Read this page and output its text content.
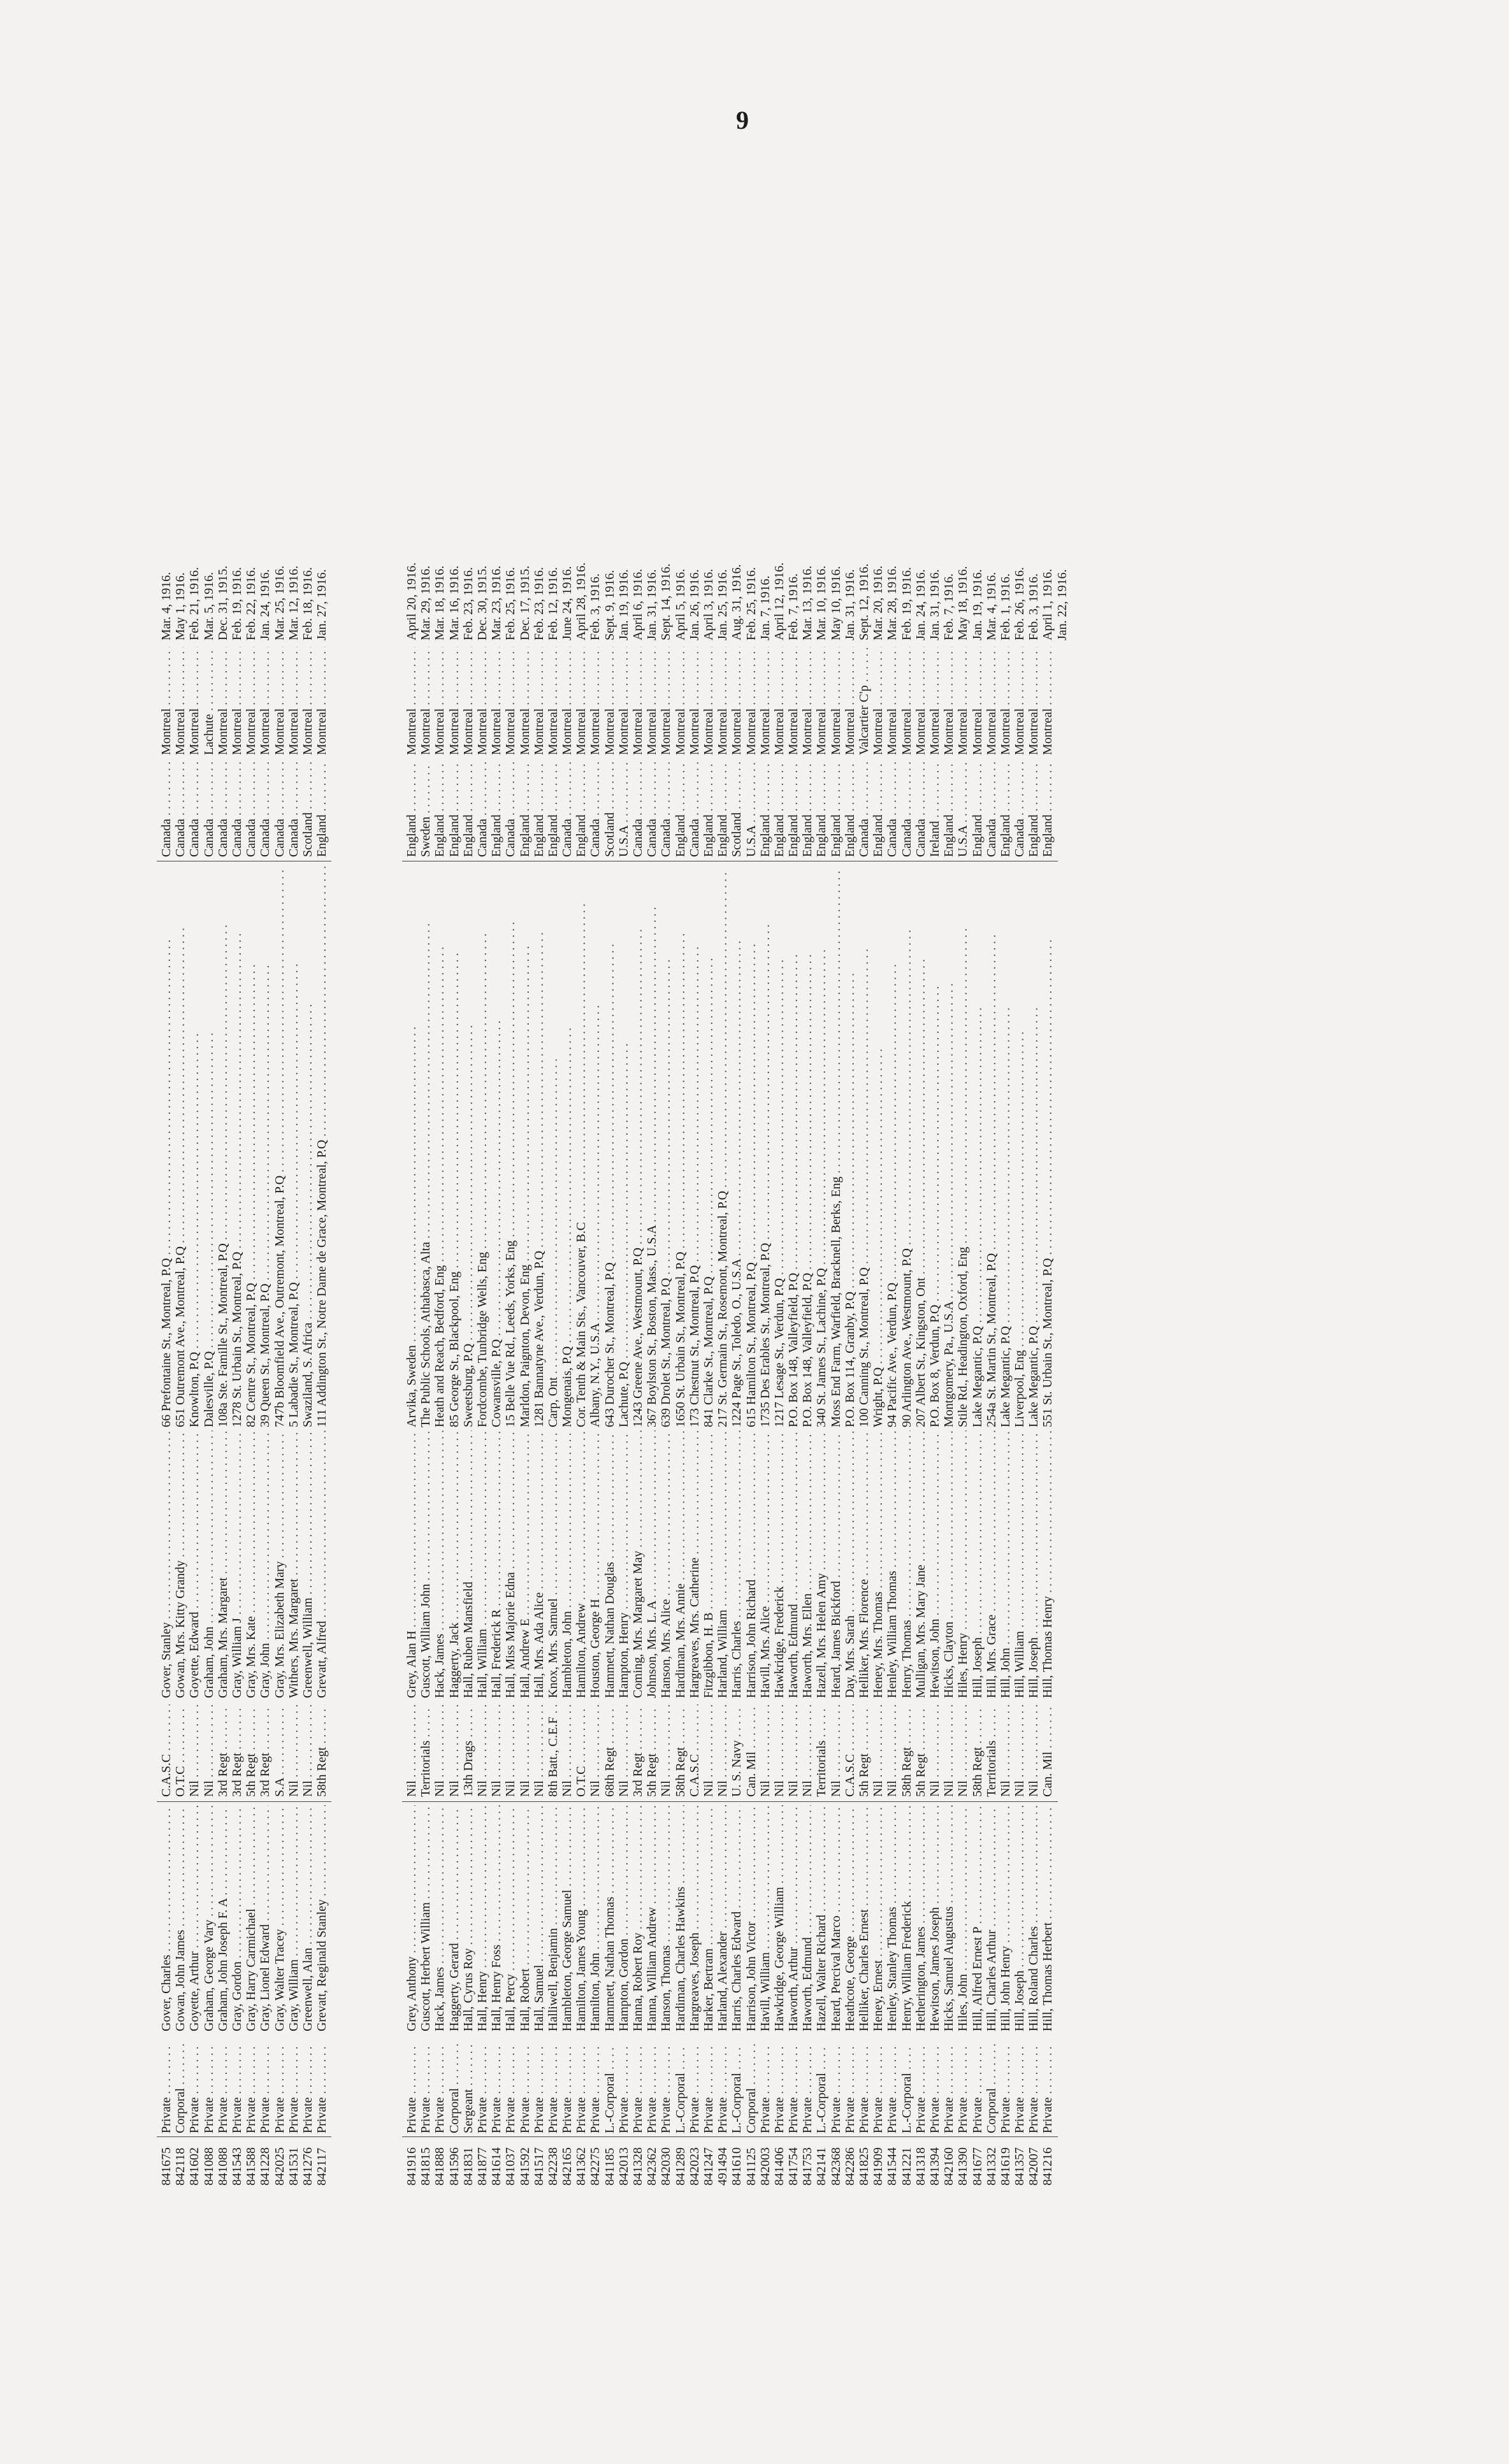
9
841675
Private . . .
Gover, Charles . . .
C.A.S.C . . .
Gover, Stanley . . .
66 Prefontaine St., Montreal, P.Q . . .
Canada . . .
Montreal . . .
Mar. 4, 1916.
842118
Corporal . . .
Gowan, John James . . .
O.T.C . . .
Gowan, Mrs. Kitty Grandy . . .
651 Outremont Ave., Montreal, P.Q . . .
Canada . . .
Montreal . . .
May 1, 1916.
841602
Private . . .
Goyette, Arthur . . .
Nil . . .
Goyette, Edward . . .
Knowlton, P.Q . . .
Canada . . .
Montreal . . .
Feb. 21, 1916.
841088
Private . . .
Graham, George Vary . . .
Nil . . .
Graham, John . . .
Dalesville, P.Q . . .
Canada . . .
Lachute . . .
Mar. 5, 1916.
841088
Private . . .
Graham, John Joseph F. A . . .
3rd Regt . . .
Graham, Mrs. Margaret . . .
108a Ste. Famille St., Montreal, P.Q . . .
Canada . . .
Montreal . . .
Dec. 31, 1915.
841543
Private . . .
Gray, Gordon . . .
3rd Regt . . .
Gray, William J . . .
1278 St. Urbain St., Montreal, P.Q . . .
Canada . . .
Montreal . . .
Feb. 19, 1916.
841588
Private . . .
Gray, Harry Carmichael . . .
5th Regt . . .
Gray, Mrs. Kate . . .
82 Centre St., Montreal, P.Q . . .
Canada . . .
Montreal . . .
Feb. 22, 1916.
841228
Private . . .
Gray, Lionel Edward . . .
3rd Regt . . .
Gray, John . . .
39 Queen St., Montreal, P.Q . . .
Canada . . .
Montreal . . .
Jan. 24, 1916.
842025
Private . . .
Gray, Walter Tracey . . .
S.A . . .
Gray, Mrs. Elizabeth Mary . . .
747b Bloomfield Ave., Outremont, Montreal, P.Q . . .
Canada . . .
Montreal . . .
Mar. 25, 1916.
841531
Private . . .
Gray, William . . .
Nil . . .
Withers, Mrs. Margaret . . .
5 Labadie St., Montreal, P.Q . . .
Canada . . .
Montreal . . .
Mar. 12, 1916.
841276
Private . . .
Greenwell, Alan . . .
Nil . . .
Greenwell, William . . .
Swaziland, S. Africa . . .
Scotland . . .
Montreal . . .
Feb. 18, 1916.
842117
Private . . .
Grevatt, Reginald Stanley . . .
58th Regt . . .
Grevatt, Alfred . . .
111 Addington St., Notre Dame de Grace, Montreal, P.Q . . .
England . . .
Montreal . . .
Jan. 27, 1916.
841916
Private . . .
Grey, Anthony . . .
Nil . . .
Grey, Alan H . . .
Arvika, Sweden . . .
England . . .
Montreal . . .
April 20, 1916.
841815
Private . . .
Guscott, Herbert William . . .
Territorials . . .
Guscott, William John . . .
The Public Schools, Athabasca, Alta . . .
Sweden . . .
Montreal . . .
Mar. 29, 1916.
841888
Private . . .
Hack, James . . .
Nil . . .
Hack, James . . .
Heath and Reach, Bedford, Eng . . .
England . . .
Montreal . . .
Mar. 18, 1916.
841596
Corporal . . .
Haggerty, Gerard . . .
Nil . . .
Haggerty, Jack . . .
85 George St., Blackpool, Eng . . .
England . . .
Montreal . . .
Mar. 16, 1916.
841831
Sergeant . . .
Hall, Cyrus Roy . . .
13th Drags . . .
Hall, Ruben Mansfield . . .
Sweetsburg, P.Q . . .
England . . .
Montreal . . .
Feb. 23, 1916.
841877
Private . . .
Hall, Henry . . .
Nil . . .
Hall, William . . .
Fordcombe, Tunbridge Wells, Eng . . .
Canada . . .
Montreal . . .
Dec. 30, 1915.
841614
Private . . .
Hall, Henry Foss . . .
Nil . . .
Hall, Frederick R . . .
Cowansville, P.Q . . .
England . . .
Montreal . . .
Mar. 23, 1916.
841037
Private . . .
Hall, Percy . . .
Nil . . .
Hall, Miss Majorie Edna . . .
15 Belle Vue Rd., Leeds, Yorks, Eng . . .
Canada . . .
Montreal . . .
Feb. 25, 1916.
841592
Private . . .
Hall, Robert . . .
Nil . . .
Hall, Andrew E . . .
Marldon, Paignton, Devon, Eng . . .
England . . .
Montreal . . .
Dec. 17, 1915.
841517
Private . . .
Hall, Samuel . . .
Nil . . .
Hall, Mrs. Ada Alice . . .
1281 Bannatyne Ave., Verdun, P.Q . . .
England . . .
Montreal . . .
Feb. 23, 1916.
842238
Private . . .
Halliwell, Benjamin . . .
8th Batt., C.E.F . . .
Knox, Mrs. Samuel . . .
Carp, Ont . . .
England . . .
Montreal . . .
Feb. 12, 1916.
842165
Private . . .
Hambleton, George Samuel . . .
Nil . . .
Hambleton, John . . .
Mongenais, P.Q . . .
Canada . . .
Montreal . . .
June 24, 1916.
841362
Private . . .
Hamilton, James Young . . .
O.T.C . . .
Hamilton, Andrew . . .
Cor. Tenth & Main Sts., Vancouver, B.C . . .
England . . .
Montreal . . .
April 28, 1916.
842275
Private . . .
Hamilton, John . . .
Nil . . .
Houston, George H . . .
Albany, N.Y., U.S.A . . .
Canada . . .
Montreal . . .
Feb. 3, 1916.
841185
L.-Corporal . . .
Hammett, Nathan Thomas . . .
68th Regt . . .
Hammett, Nathan Douglas . . .
643 Durocher St., Montreal, P.Q . . .
Scotland . . .
Montreal . . .
Sept. 9, 1916.
842013
Private . . .
Hampton, Gordon . . .
Nil . . .
Hampton, Henry . . .
Lachute, P.Q . . .
U.S.A . . .
Montreal . . .
Jan. 19, 1916.
841328
Private . . .
Hanna, Robert Roy . . .
3rd Regt . . .
Coming, Mrs. Margaret May . . .
1243 Greene Ave., Westmount, P.Q . . .
Canada . . .
Montreal . . .
April 6, 1916.
842362
Private . . .
Hanna, William Andrew . . .
5th Regt . . .
Johnson, Mrs. L. A . . .
367 Boylston St., Boston, Mass., U.S.A . . .
Canada . . .
Montreal . . .
Jan. 31, 1916.
842030
Private . . .
Hanson, Thomas . . .
Nil . . .
Hanson, Mrs. Alice . . .
639 Drolet St., Montreal, P.Q . . .
Canada . . .
Montreal . . .
Sept. 14, 1916.
841289
L.-Corporal . . .
Hardiman, Charles Hawkins . . .
58th Regt . . .
Hardiman, Mrs. Annie . . .
1650 St. Urbain St., Montreal, P.Q . . .
England . . .
Montreal . . .
April 5, 1916.
842023
Private . . .
Hargreaves, Joseph . . .
C.A.S.C . . .
Hargreaves, Mrs. Catherine . . .
173 Chestnut St., Montreal, P.Q . . .
Canada . . .
Montreal . . .
Jan. 26, 1916.
841247
Private . . .
Harker, Bertram . . .
Nil . . .
Fitzgibbon, H. B . . .
841 Clarke St., Montreal, P.Q . . .
England . . .
Montreal . . .
April 3, 1916.
491494
Private . . .
Harland, Alexander . . .
Nil . . .
Harland, William . . .
217 St. Germain St., Rosemont, Montreal, P.Q . . .
England . . .
Montreal . . .
Jan. 25, 1916.
841610
L.-Corporal . . .
Harris, Charles Edward . . .
U. S. Navy . . .
Harris, Charles . . .
1224 Page St., Toledo, O., U.S.A . . .
Scotland . . .
Montreal . . .
Aug. 31, 1916.
841125
Corporal . . .
Harrison, John Victor . . .
Can. Mil . . .
Harrison, John Richard . . .
615 Hamilton St., Montreal, P.Q . . .
U.S.A . . .
Montreal . . .
Feb. 25, 1916.
842003
Private . . .
Havill, William . . .
Nil . . .
Havill, Mrs. Alice . . .
1735 Des Erables St., Montreal, P.Q . . .
England . . .
Montreal . . .
Jan. 7, 1916.
841406
Private . . .
Hawkridge, George William . . .
Nil . . .
Hawkridge, Frederick . . .
1217 Lesage St., Verdun, P.Q . . .
England . . .
Montreal . . .
April 12, 1916.
841754
Private . . .
Haworth, Arthur . . .
Nil . . .
Haworth, Edmund . . .
P.O. Box 148, Valleyfield, P.Q . . .
England . . .
Montreal . . .
Feb. 7, 1916.
841753
Private . . .
Haworth, Edmund . . .
Nil . . .
Haworth, Mrs. Ellen . . .
P.O. Box 148, Valleyfield, P.Q . . .
England . . .
Montreal . . .
Mar. 13, 1916.
842141
L.-Corporal . . .
Hazell, Walter Richard . . .
Territorials . . .
Hazell, Mrs. Helen Amy . . .
340 St. James St., Lachine, P.Q . . .
England . . .
Montreal . . .
Mar. 10, 1916.
842368
Private . . .
Heard, Percival Marco . . .
Nil . . .
Heard, James Bickford . . .
Moss End Farm, Warfield, Bracknell, Berks, Eng . . .
England . . .
Montreal . . .
May 10, 1916.
842286
Private . . .
Heathcote, George . . .
C.A.S.C . . .
Day, Mrs. Sarah . . .
P.O. Box 114, Granby, P.Q . . .
England . . .
Montreal . . .
Jan. 31, 1916.
841825
Private . . .
Helliker, Charles Ernest . . .
5th Regt . . .
Helliker, Mrs. Florence . . .
100 Canning St., Montreal, P.Q . . .
Canada . . .
Valcartier C'p . . .
Sept. 12, 1916.
841909
Private . . .
Heney, Ernest . . .
Nil . . .
Heney, Mrs. Thomas . . .
Wright, P.Q . . .
England . . .
Montreal . . .
Mar. 20, 1916.
841544
Private . . .
Henley, Stanley Thomas . . .
Nil . . .
Henley, William Thomas . . .
94 Pacific Ave., Verdun, P.Q . . .
Canada . . .
Montreal . . .
Mar. 28, 1916.
841221
L.-Corporal . . .
Henry, William Frederick . . .
58th Regt . . .
Henry, Thomas . . .
90 Arlington Ave., Westmount, P.Q . . .
Canada . . .
Montreal . . .
Feb. 19, 1916.
841318
Private . . .
Hetherington, James . . .
5th Regt . . .
Mulligan, Mrs. Mary Jane . . .
207 Albert St., Kingston, Ont . . .
Canada . . .
Montreal . . .
Jan. 24, 1916.
841394
Private . . .
Hewitson, James Joseph . . .
Nil . . .
Hewitson, John . . .
P.O. Box 8, Verdun, P.Q . . .
Ireland . . .
Montreal . . .
Jan. 31, 1916.
842160
Private . . .
Hicks, Samuel Augustus . . .
Nil . . .
Hicks, Clayton . . .
Montgomery, Pa., U.S.A . . .
England . . .
Montreal . . .
Feb. 7, 1916.
841390
Private . . .
Hiles, John . . .
Nil . . .
Hiles, Henry . . .
Stile Rd., Headington, Oxford, Eng . . .
U.S.A . . .
Montreal . . .
May 18, 1916.
841677
Private . . .
Hill, Alfred Ernest P . . .
58th Regt . . .
Hill, Joseph . . .
Lake Megantic, P.Q . . .
England . . .
Montreal . . .
Jan. 19, 1916.
841332
Corporal . . .
Hill, Charles Arthur . . .
Territorials . . .
Hill, Mrs. Grace . . .
254a St. Martin St., Montreal, P.Q . . .
Canada . . .
Montreal . . .
Mar. 4, 1916.
841619
Private . . .
Hill, John Henry . . .
Nil . . .
Hill, John . . .
Lake Megantic, P.Q . . .
England . . .
Montreal . . .
Feb. 1, 1916.
841357
Private . . .
Hill, Joseph . . .
Nil . . .
Hill, William . . .
Liverpool, Eng . . .
Canada . . .
Montreal . . .
Feb. 26, 1916.
842007
Private . . .
Hill, Roland Charles . . .
Nil . . .
Hill, Joseph . . .
Lake Megantic, P.Q . . .
England . . .
Montreal . . .
Feb. 3, 1916.
841216
Private . . .
Hill, Thomas Herbert . . .
Can. Mil . . .
Hill, Thomas Henry . . .
551 St. Urbain St., Montreal, P.Q . . .
England . . .
Montreal . . .
April 1, 1916. Jan. 22, 1916.
